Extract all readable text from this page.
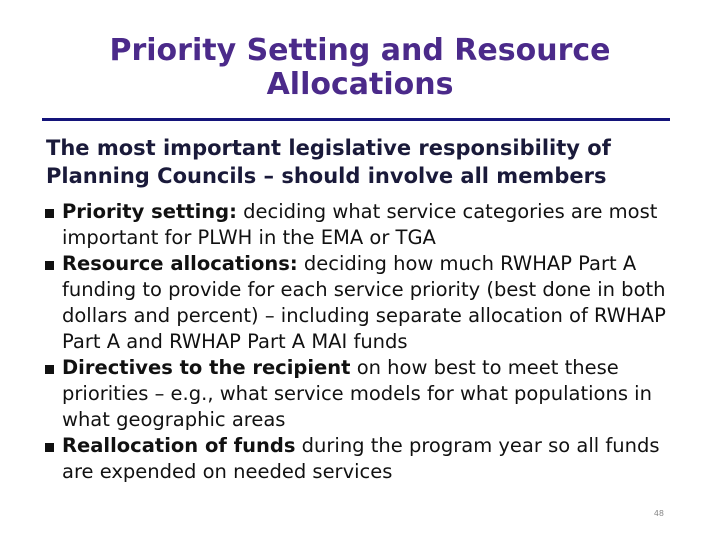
Priority Setting and Resource
Allocations

The most important legislative responsibility of
Planning Councils – should involve all members

Priority setting: deciding what service categories are most important for PLWH in the EMA or TGA
Resource allocations: deciding how much RWHAP Part A funding to provide for each service priority (best done in both dollars and percent) – including separate allocation of RWHAP Part A and RWHAP Part A MAI funds
Directives to the recipient on how best to meet these priorities – e.g., what service models for what populations in what geographic areas
Reallocation of funds during the program year so all funds are expended on needed services
48
